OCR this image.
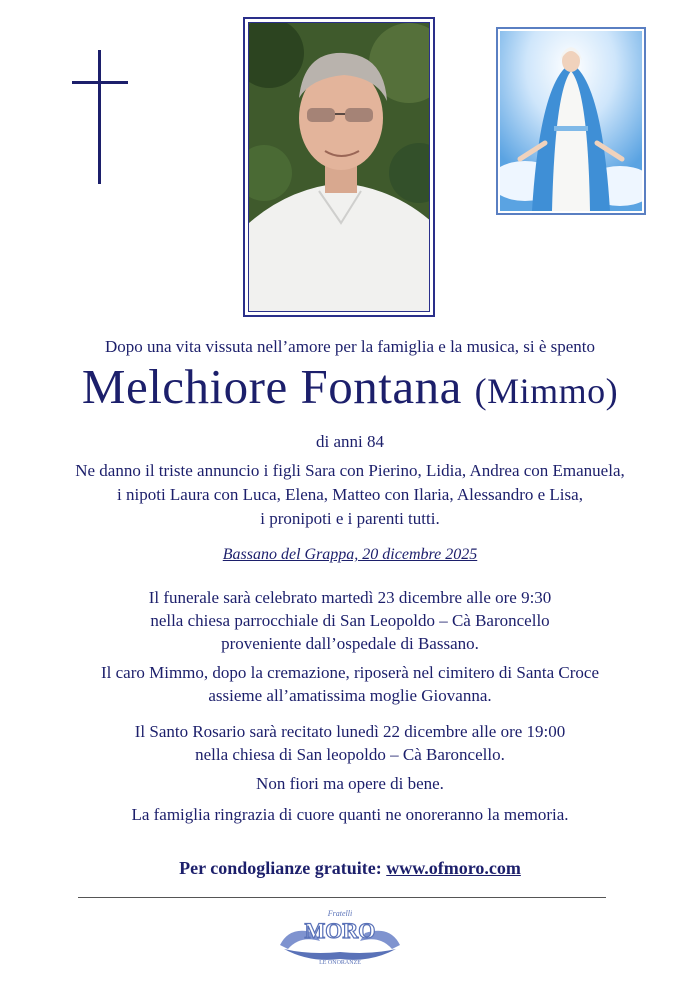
Dopo una vita vissuta nell’amore per la famiglia e la musica, si è spento
Melchiore Fontana (Mimmo)
di anni 84
Ne danno il triste annuncio i figli Sara con Pierino, Lidia, Andrea con Emanuela,
i nipoti Laura con Luca, Elena, Matteo con Ilaria, Alessandro e Lisa,
i pronipoti e i parenti tutti.
Bassano del Grappa, 20 dicembre 2025
Il funerale sarà celebrato martedì 23 dicembre alle ore 9:30
nella chiesa parrocchiale di San Leopoldo – Cà Baroncello
proveniente dall’ospedale di Bassano.
Il caro Mimmo, dopo la cremazione, riposerà nel cimitero di Santa Croce
assieme all’amatissima moglie Giovanna.
Il Santo Rosario sarà recitato lunedì 22 dicembre alle ore 19:00
nella chiesa di San leopoldo – Cà Baroncello.
Non fiori ma opere di bene.
La famiglia ringrazia di cuore quanti ne onoreranno la memoria.
Per condoglianze gratuite: www.ofmoro.com
Fratelli
MORO
LE ONORANZE
